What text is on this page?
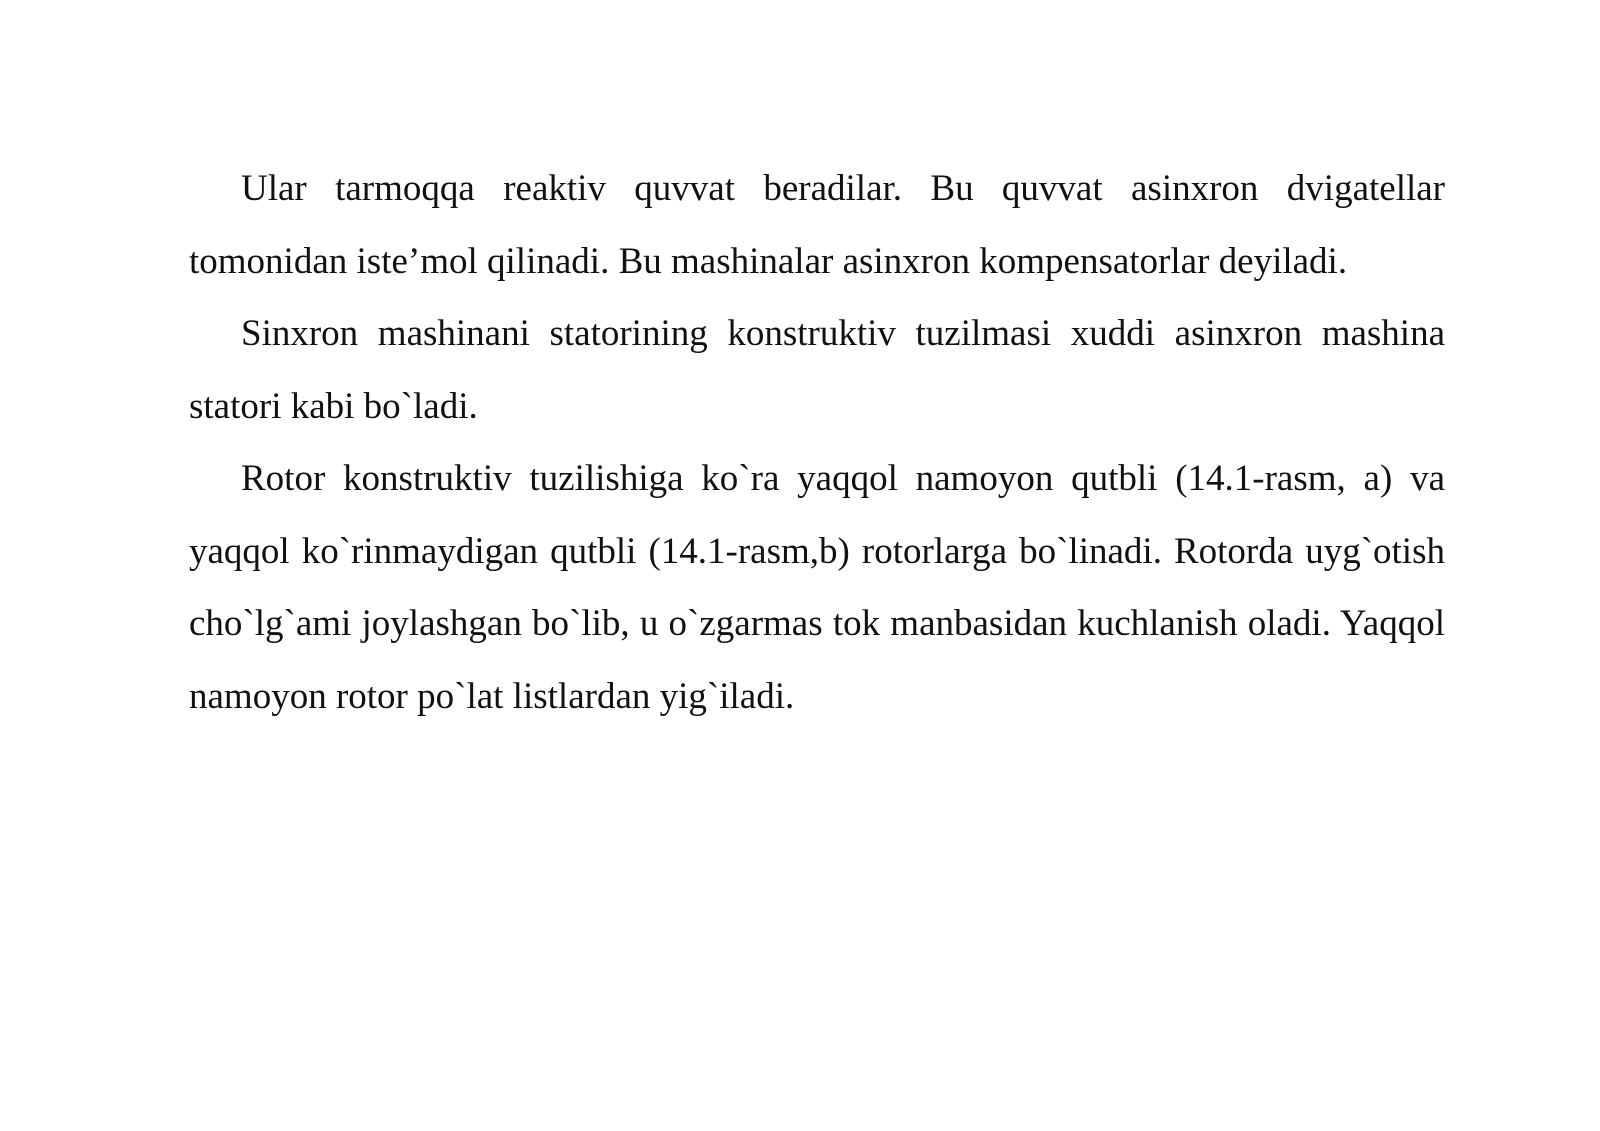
Ular tarmoqqa reaktiv quvvat beradilar. Bu quvvat asinxron dvigatellar tomonidan iste’mol qilinadi. Bu mashinalar asinxron kompensatorlar deyiladi.

Sinxron mashinani statorining konstruktiv tuzilmasi xuddi asinxron mashina statori kabi bo`ladi.

Rotor konstruktiv tuzilishiga ko`ra yaqqol namoyon qutbli (14.1-rasm, a) va yaqqol ko`rinmaydigan qutbli (14.1-rasm,b) rotorlarga bo`linadi. Rotorda uyg`otish cho`lg`ami joylashgan bo`lib, u o`zgarmas tok manbasidan kuchlanish oladi. Yaqqol namoyon rotor po`lat listlardan yig`iladi.
